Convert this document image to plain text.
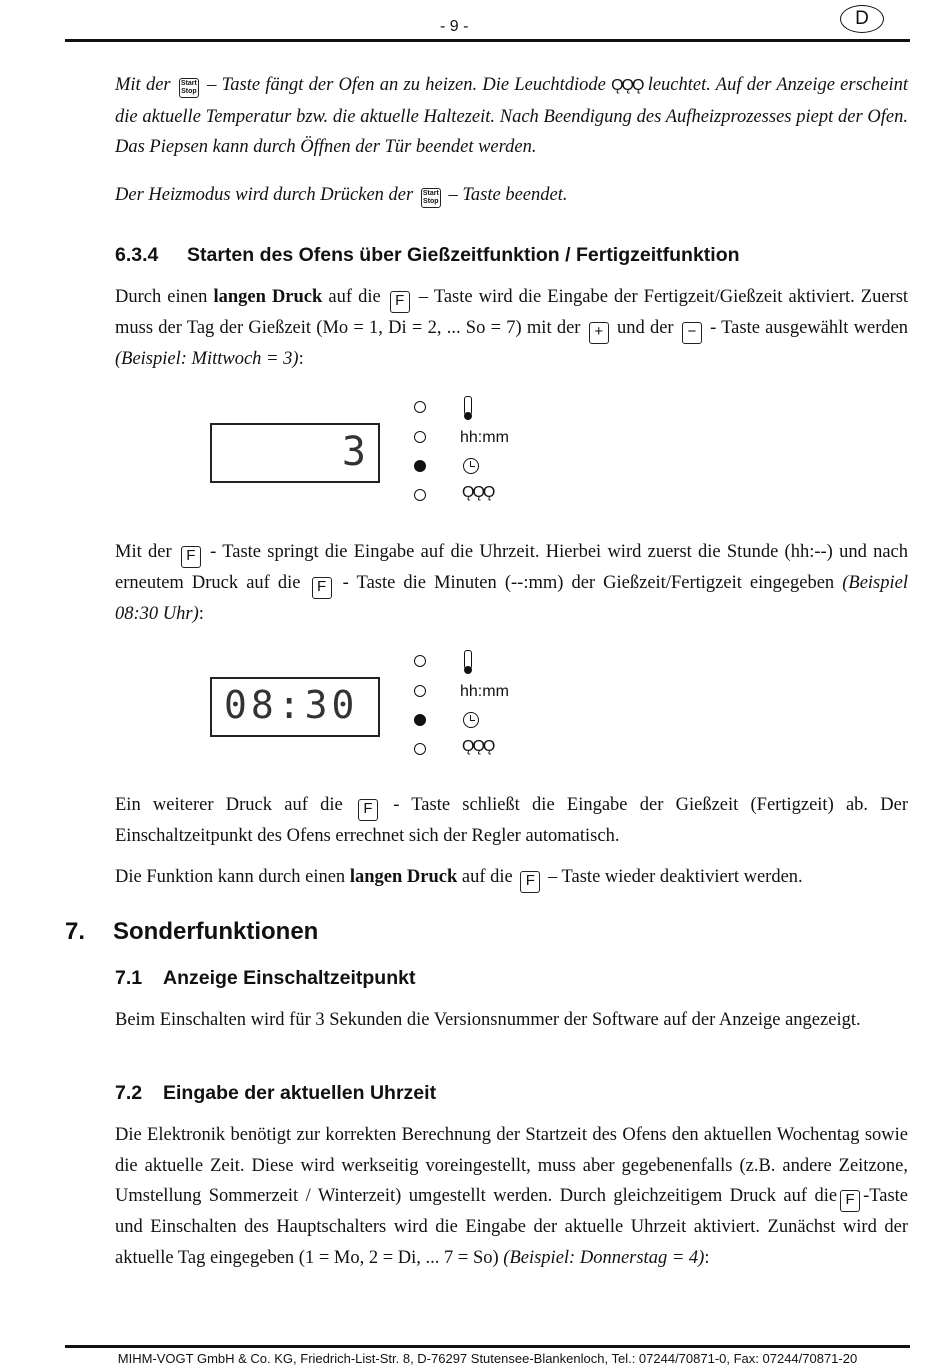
- 9 -	D
Mit der Start
Stop – Taste fängt der Ofen an zu heizen. Die Leuchtdiode ǪǪǪ leuchtet. Auf der Anzeige erscheint die aktuelle Temperatur bzw. die aktuelle Haltezeit. Nach Beendigung des Aufheizprozesses piept der Ofen. Das Piepsen kann durch Öffnen der Tür beendet werden.
Der Heizmodus wird durch Drücken der Start
Stop – Taste beendet.
6.3.4 Starten des Ofens über Gießzeitfunktion / Fertigzeitfunktion
Durch einen langen Druck auf die F – Taste wird die Eingabe der Fertigzeit/Gießzeit aktiviert. Zuerst muss der Tag der Gießzeit (Mo = 1, Di = 2, ... So = 7) mit der + und der − - Taste ausgewählt werden (Beispiel: Mittwoch = 3):
3	hh:mm
ǪǪǪ
Mit der F - Taste springt die Eingabe auf die Uhrzeit. Hierbei wird zuerst die Stunde (hh:--) und nach erneutem Druck auf die F - Taste die Minuten (--:mm) der Gießzeit/Fertigzeit eingegeben (Beispiel 08:30 Uhr):
08:30	hh:mm
ǪǪǪ
Ein weiterer Druck auf die F - Taste schließt die Eingabe der Gießzeit (Fertigzeit) ab. Der Einschaltzeitpunkt des Ofens errechnet sich der Regler automatisch.
Die Funktion kann durch einen langen Druck auf die F – Taste wieder deaktiviert werden.
7. Sonderfunktionen
7.1 Anzeige Einschaltzeitpunkt
Beim Einschalten wird für 3 Sekunden die Versionsnummer der Software auf der Anzeige angezeigt.
7.2 Eingabe der aktuellen Uhrzeit
Die Elektronik benötigt zur korrekten Berechnung der Startzeit des Ofens den aktuellen Wochentag sowie die aktuelle Zeit. Diese wird werkseitig voreingestellt, muss aber gegebenenfalls (z.B. andere Zeitzone, Umstellung Sommerzeit / Winterzeit) umgestellt werden. Durch gleichzeitigem Druck auf die F -Taste und Einschalten des Hauptschalters wird die Eingabe der aktuelle Uhrzeit aktiviert. Zunächst wird der aktuelle Tag eingegeben (1 = Mo, 2 = Di, ... 7 = So) (Beispiel: Donnerstag = 4):
MIHM-VOGT GmbH & Co. KG, Friedrich-List-Str. 8, D-76297 Stutensee-Blankenloch, Tel.: 07244/70871-0, Fax: 07244/70871-20
